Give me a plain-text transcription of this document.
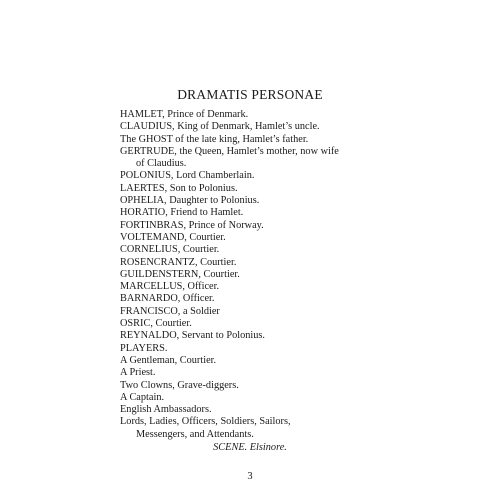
DRAMATIS PERSONAE
HAMLET, Prince of Denmark.
CLAUDIUS, King of Denmark, Hamlet’s uncle.
The GHOST of the late king, Hamlet’s father.
GERTRUDE, the Queen, Hamlet’s mother, now wife of Claudius.
POLONIUS, Lord Chamberlain.
LAERTES, Son to Polonius.
OPHELIA, Daughter to Polonius.
HORATIO, Friend to Hamlet.
FORTINBRAS, Prince of Norway.
VOLTEMAND, Courtier.
CORNELIUS, Courtier.
ROSENCRANTZ, Courtier.
GUILDENSTERN, Courtier.
MARCELLUS, Officer.
BARNARDO, Officer.
FRANCISCO, a Soldier
OSRIC, Courtier.
REYNALDO, Servant to Polonius.
PLAYERS.
A Gentleman, Courtier.
A Priest.
Two Clowns, Grave-diggers.
A Captain.
English Ambassadors.
Lords, Ladies, Officers, Soldiers, Sailors, Messengers, and Attendants.
SCENE. Elsinore.
3
